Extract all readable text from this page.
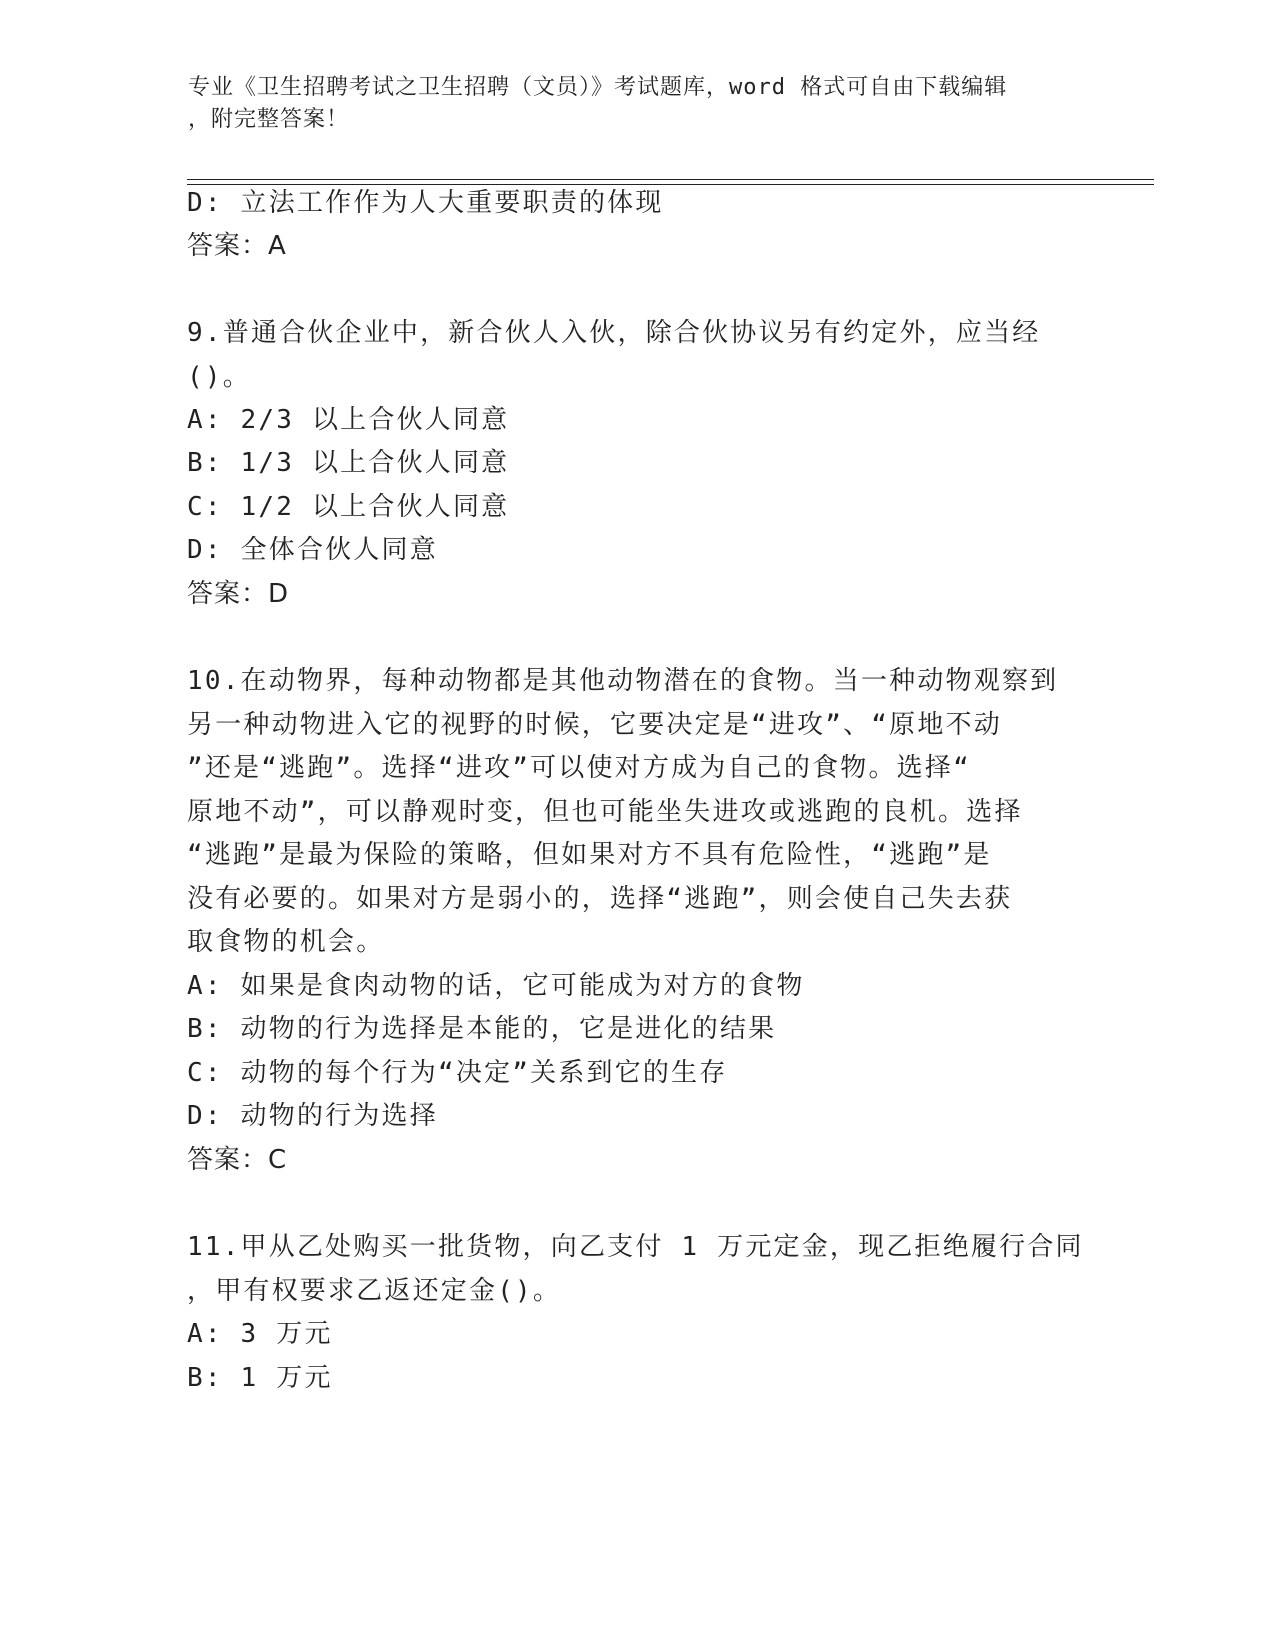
专业《卫生招聘考试之卫生招聘（文员）》考试题库，word 格式可自由下载编辑
，附完整答案！
D: 立法工作作为人大重要职责的体现
答案：A
9.普通合伙企业中，新合伙人入伙，除合伙协议另有约定外，应当经
()。
A: 2/3 以上合伙人同意
B: 1/3 以上合伙人同意
C: 1/2 以上合伙人同意
D: 全体合伙人同意
答案：D
10.在动物界，每种动物都是其他动物潜在的食物。当一种动物观察到
另一种动物进入它的视野的时候，它要决定是“进攻”、“原地不动
”还是“逃跑”。选择“进攻”可以使对方成为自己的食物。选择“
原地不动”，可以静观时变，但也可能坐失进攻或逃跑的良机。选择
“逃跑”是最为保险的策略，但如果对方不具有危险性，“逃跑”是
没有必要的。如果对方是弱小的，选择“逃跑”，则会使自己失去获
取食物的机会。
A: 如果是食肉动物的话，它可能成为对方的食物
B: 动物的行为选择是本能的，它是进化的结果
C: 动物的每个行为“决定”关系到它的生存
D: 动物的行为选择
答案：C
11.甲从乙处购买一批货物，向乙支付 1 万元定金，现乙拒绝履行合同
，甲有权要求乙返还定金()。
A: 3 万元
B: 1 万元
